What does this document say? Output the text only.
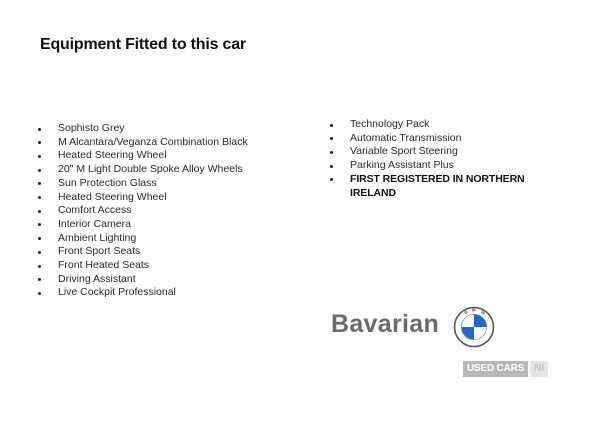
Equipment Fitted to this car
Sophisto Grey
M Alcantara/Veganza Combination Black
Heated Steering Wheel
20" M Light Double Spoke Alloy Wheels
Sun Protection Glass
Heated Steering Wheel
Comfort Access
Interior Camera
Ambient Lighting
Front Sport Seats
Front Heated Seats
Driving Assistant
Live Cockpit Professional
Technology Pack
Automatic Transmission
Variable Sport Steering
Parking Assistant Plus
FIRST REGISTERED IN NORTHERN IRELAND
Bavarian	B M W
USED CARS	NI
